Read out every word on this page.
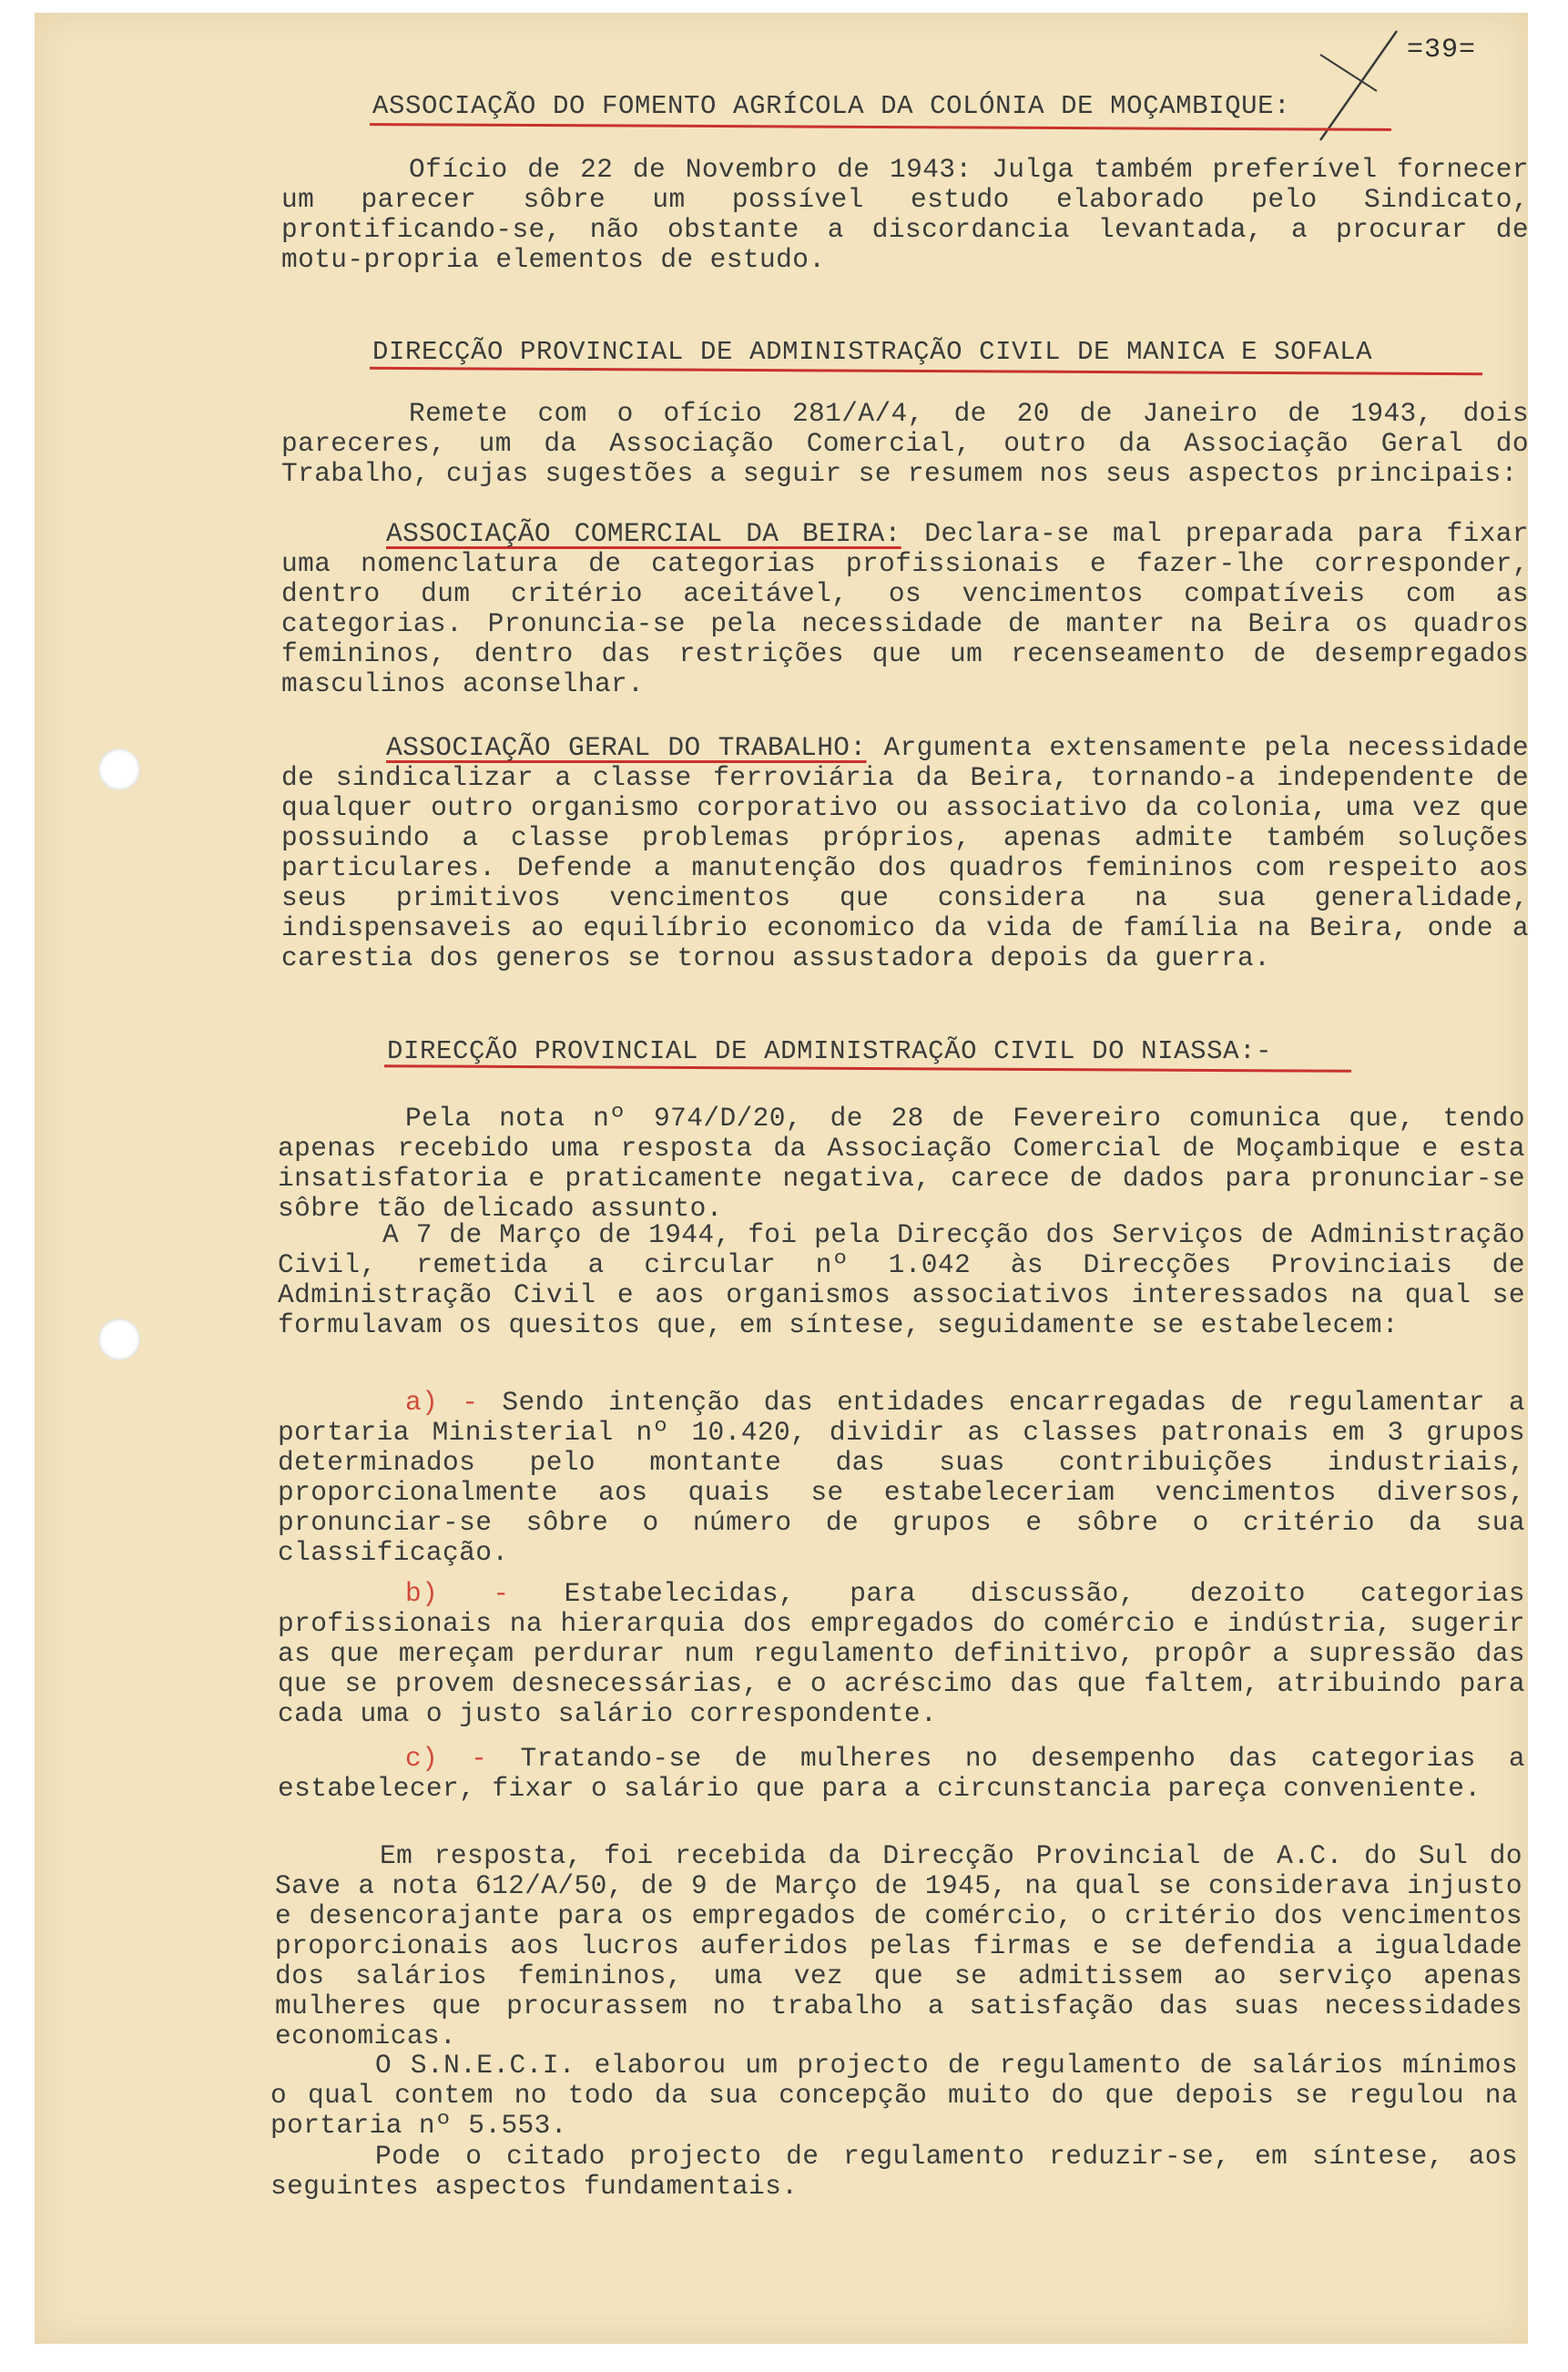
=39=
ASSOCIAÇÃO DO FOMENTO AGRÍCOLA DA COLÓNIA DE MOÇAMBIQUE:
Ofício de 22 de Novembro de 1943: Julga também preferível fornecer um parecer sôbre um possível estudo elaborado pelo Sindicato, prontificando-se, não obstante a discordancia levantada, a procurar de motu-propria elementos de estudo.
DIRECÇÃO PROVINCIAL DE ADMINISTRAÇÃO CIVIL DE MANICA E SOFALA
Remete com o ofício 281/A/4, de 20 de Janeiro de 1943, dois pareceres, um da Associação Comercial, outro da Associação Geral do Trabalho, cujas sugestões a seguir se resumem nos seus aspectos principais:
ASSOCIAÇÃO COMERCIAL DA BEIRA: Declara-se mal preparada para fixar uma nomenclatura de categorias profissionais e fazer-lhe corresponder, dentro dum critério aceitável, os vencimentos compatíveis com as categorias. Pronuncia-se pela necessidade de manter na Beira os quadros femininos, dentro das restrições que um recenseamento de desempregados masculinos aconselhar.
ASSOCIAÇÃO GERAL DO TRABALHO: Argumenta extensamente pela necessidade de sindicalizar a classe ferroviária da Beira, tornando-a independente de qualquer outro organismo corporativo ou associativo da colonia, uma vez que possuindo a classe problemas próprios, apenas admite também soluções particulares. Defende a manutenção dos quadros femininos com respeito aos seus primitivos vencimentos que considera na sua generalidade, indispensaveis ao equilíbrio economico da vida de família na Beira, onde a carestia dos generos se tornou assustadora depois da guerra.
DIRECÇÃO PROVINCIAL DE ADMINISTRAÇÃO CIVIL DO NIASSA:-
Pela nota nº 974/D/20, de 28 de Fevereiro comunica que, tendo apenas recebido uma resposta da Associação Comercial de Moçambique e esta insatisfatoria e praticamente negativa, carece de dados para pronunciar-se sôbre tão delicado assunto.
A 7 de Março de 1944, foi pela Direcção dos Serviços de Administração Civil, remetida a circular nº 1.042 às Direcções Provinciais de Administração Civil e aos organismos associativos interessados na qual se formulavam os quesitos que, em síntese, seguidamente se estabelecem:
a) - Sendo intenção das entidades encarregadas de regulamentar a portaria Ministerial nº 10.420, dividir as classes patronais em 3 grupos determinados pelo montante das suas contribuições industriais, proporcionalmente aos quais se estabeleceriam vencimentos diversos, pronunciar-se sôbre o número de grupos e sôbre o critério da sua classificação.
b) - Estabelecidas, para discussão, dezoito categorias profissionais na hierarquia dos empregados do comércio e indústria, sugerir as que mereçam perdurar num regulamento definitivo, propôr a supressão das que se provem desnecessárias, e o acréscimo das que faltem, atribuindo para cada uma o justo salário correspondente.
c) - Tratando-se de mulheres no desempenho das categorias a estabelecer, fixar o salário que para a circunstancia pareça conveniente.
Em resposta, foi recebida da Direcção Provincial de A.C. do Sul do Save a nota 612/A/50, de 9 de Março de 1945, na qual se considerava injusto e desencorajante para os empregados de comércio, o critério dos vencimentos proporcionais aos lucros auferidos pelas firmas e se defendia a igualdade dos salários femininos, uma vez que se admitissem ao serviço apenas mulheres que procurassem no trabalho a satisfação das suas necessidades economicas.
O S.N.E.C.I. elaborou um projecto de regulamento de salários mínimos o qual contem no todo da sua concepção muito do que depois se regulou na portaria nº 5.553.
Pode o citado projecto de regulamento reduzir-se, em síntese, aos seguintes aspectos fundamentais.
